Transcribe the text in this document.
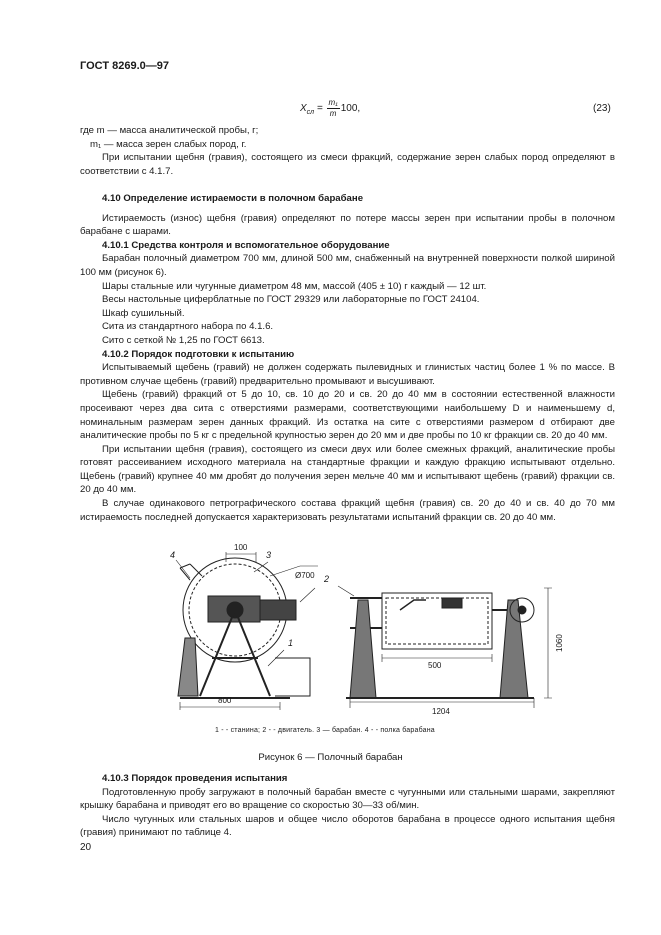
ГОСТ 8269.0—97
$X_{сл} = \frac{\text{m₁}}{m} 100$,	(23)

где m — масса аналитической пробы, г;

m₁ — масса зерен слабых пород, г.

При испытании щебня (гравия), состоящего из смеси фракций, содержание зерен слабых пород определяют в соответствии с 4.1.7.

4.10 Определение истираемости в полочном барабане

Истираемость (износ) щебня (гравия) определяют по потере массы зерен при испытании пробы в полочном барабане с шарами.

4.10.1 Средства контроля и вспомогательное оборудование

Барабан полочный диаметром 700 мм, длиной 500 мм, снабженный на внутренней поверхности полкой шириной 100 мм (рисунок 6).

Шары стальные или чугунные диаметром 48 мм, массой (405 ± 10) г каждый — 12 шт.

Весы настольные циферблатные по ГОСТ 29329 или лабораторные по ГОСТ 24104.

Шкаф сушильный.

Сита из стандартного набора по 4.1.6.

Сито с сеткой № 1,25 по ГОСТ 6613.

4.10.2 Порядок подготовки к испытанию

Испытываемый щебень (гравий) не должен содержать пылевидных и глинистых частиц более 1 % по массе. В противном случае щебень (гравий) предварительно промывают и высушивают.

Щебень (гравий) фракций от 5 до 10, св. 10 до 20 и св. 20 до 40 мм в состоянии естественной влажности просеивают через два сита с отверстиями размерами, соответствующими наибольшему D и наименьшему d, номинальным размерам зерен данных фракций. Из остатка на сите с отверстиями размером d отбирают две аналитические пробы по 5 кг с предельной крупностью зерен до 20 мм и две пробы по 10 кг фракции св. 20 до 40 мм.

При испытании щебня (гравия), состоящего из смеси двух или более смежных фракций, аналитические пробы готовят рассеиванием исходного материала на стандартные фракции и каждую фракцию испытывают отдельно. Щебень (гравий) крупнее 40 мм дробят до получения зерен мельче 40 мм и испытывают щебень (гравий) фракции св. 20 до 40 мм.

В случае одинакового петрографического состава фракций щебня (гравия) св. 20 до 40 и св. 40 до 70 мм истираемость последней допускается характеризовать результатами испытаний фракции св. 20 до 40 мм.

4
100
3
Ø700 2
1
800
500
1204
1060
1 - - станина; 2 - - двигатель. 3 — барабан. 4 - - полка барабана
Рисунок 6 — Полочный барабан
4.10.3 Порядок проведения испытания

Подготовленную пробу загружают в полочный барабан вместе с чугунными или стальными шарами, закрепляют крышку барабана и приводят его во вращение со скоростью 30—33 об/мин.

Число чугунных или стальных шаров и общее число оборотов барабана в процессе одного испытания щебня (гравия) принимают по таблице 4.

20
